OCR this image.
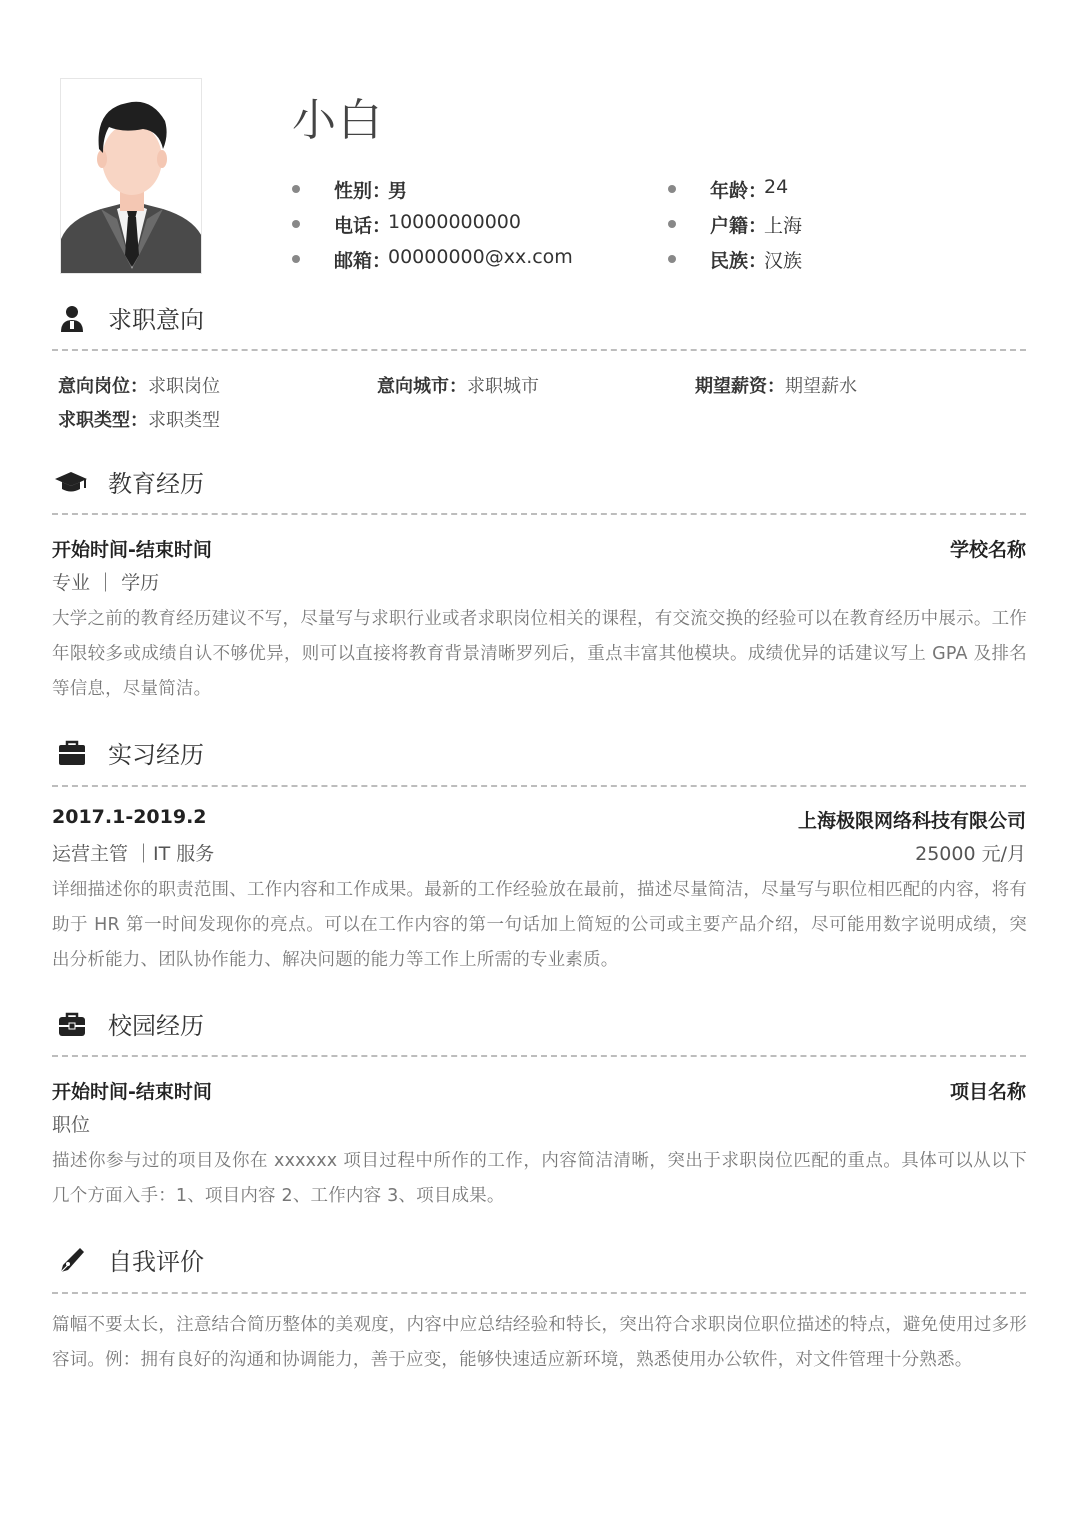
小白
性别：
男
电话：
10000000000
邮箱：
00000000@xx.com
年龄：
24
户籍：
上海
民族：
汉族
求职意向
意向岗位：求职岗位	意向城市：求职城市	期望薪资：期望薪水
求职类型：求职类型
教育经历
开始时间-结束时间	学校名称
专业 ｜ 学历
大学之前的教育经历建议不写，尽量写与求职行业或者求职岗位相关的课程，有交流交换的经验可以在教育经历中展示。工作年限较多或成绩自认不够优异，则可以直接将教育背景清晰罗列后，重点丰富其他模块。成绩优异的话建议写上 GPA 及排名等信息，尽量简洁。
实习经历
2017.1-2019.2	上海极限网络科技有限公司
运营主管 ｜IT 服务	25000 元/月
详细描述你的职责范围、工作内容和工作成果。最新的工作经验放在最前，描述尽量简洁，尽量写与职位相匹配的内容，将有助于 HR 第一时间发现你的亮点。可以在工作内容的第一句话加上简短的公司或主要产品介绍，尽可能用数字说明成绩，突出分析能力、团队协作能力、解决问题的能力等工作上所需的专业素质。
校园经历
开始时间-结束时间	项目名称
职位
描述你参与过的项目及你在 xxxxxx 项目过程中所作的工作，内容简洁清晰，突出于求职岗位匹配的重点。具体可以从以下几个方面入手：1、项目内容 2、工作内容 3、项目成果。
自我评价
篇幅不要太长，注意结合简历整体的美观度，内容中应总结经验和特长，突出符合求职岗位职位描述的特点，避免使用过多形容词。例：拥有良好的沟通和协调能力，善于应变，能够快速适应新环境，熟悉使用办公软件，对文件管理十分熟悉。
